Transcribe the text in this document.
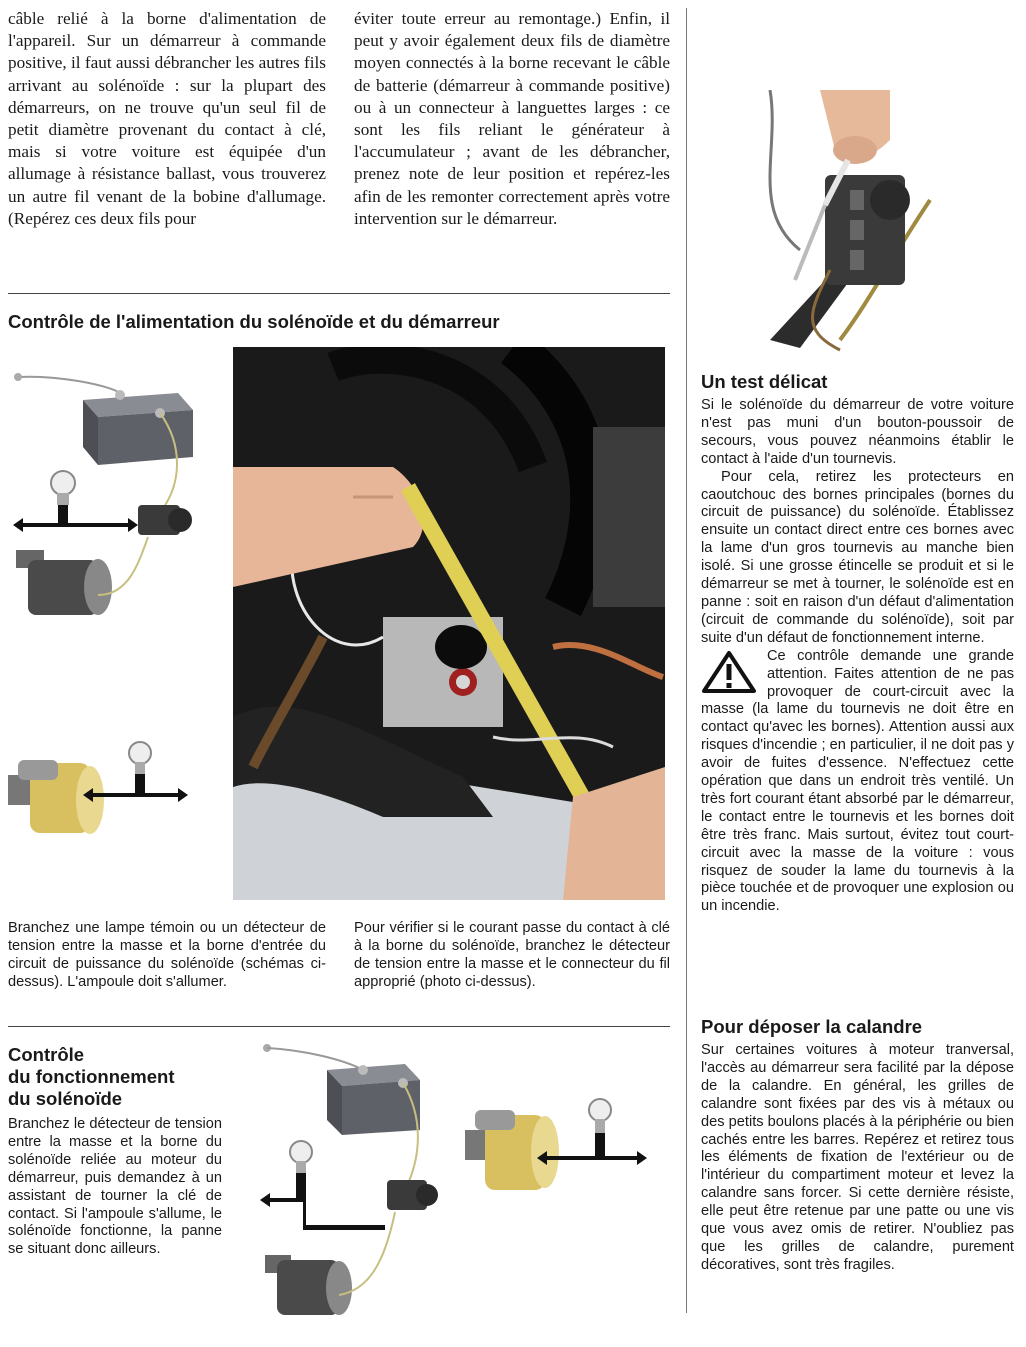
câble relié à la borne d'alimentation de l'appareil. Sur un démarreur à commande positive, il faut aussi débrancher les autres fils arrivant au solénoïde : sur la plupart des démarreurs, on ne trouve qu'un seul fil de petit diamètre provenant du contact à clé, mais si votre voiture est équipée d'un allumage à résistance ballast, vous trouverez un autre fil venant de la bobine d'allumage. (Repérez ces deux fils pour
éviter toute erreur au remontage.) Enfin, il peut y avoir également deux fils de diamètre moyen connectés à la borne recevant le câble de batterie (démarreur à commande positive) ou à un connecteur à languettes larges : ce sont les fils reliant le générateur à l'accumulateur ; avant de les débrancher, prenez note de leur position et repérez-les afin de les remonter correctement après votre intervention sur le démarreur.
Contrôle de l'alimentation du solénoïde et du démarreur
Branchez une lampe témoin ou un détecteur de tension entre la masse et la borne d'entrée du circuit de puissance du solénoïde (schémas ci-dessus). L'ampoule doit s'allumer.
Pour vérifier si le courant passe du contact à clé à la borne du solénoïde, branchez le détecteur de tension entre la masse et le connecteur du fil approprié (photo ci-dessus).
Contrôle
du fonctionnement
du solénoïde
Branchez le détecteur de tension entre la masse et la borne du solénoïde reliée au moteur du démarreur, puis demandez à un assistant de tourner la clé de contact. Si l'ampoule s'allume, le solénoïde fonctionne, la panne se situant donc ailleurs.
Un test délicat

Si le solénoïde du démarreur de votre voiture n'est pas muni d'un bouton-poussoir de secours, vous pouvez néanmoins établir le contact à l'aide d'un tournevis.

Pour cela, retirez les protecteurs en caoutchouc des bornes principales (bornes du circuit de puissance) du solénoïde. Établissez ensuite un contact direct entre ces bornes avec la lame d'un gros tournevis au manche bien isolé. Si une grosse étincelle se produit et si le démarreur se met à tourner, le solénoïde est en panne : soit en raison d'un défaut d'alimentation (circuit de commande du solénoïde), soit par suite d'un défaut de fonctionnement interne.

Ce contrôle demande une grande attention. Faites attention de ne pas provoquer de court-circuit avec la masse (la lame du tournevis ne doit être en contact qu'avec les bornes). Attention aussi aux risques d'incendie ; en particulier, il ne doit pas y avoir de fuites d'essence. N'effectuez cette opération que dans un endroit très ventilé. Un très fort courant étant absorbé par le démarreur, le contact entre le tournevis et les bornes doit être très franc. Mais surtout, évitez tout court-circuit avec la masse de la voiture : vous risquez de souder la lame du tournevis à la pièce touchée et de provoquer une explosion ou un incendie.

Pour déposer la calandre
Sur certaines voitures à moteur tranversal, l'accès au démarreur sera facilité par la dépose de la calandre. En général, les grilles de calandre sont fixées par des vis à métaux ou des petits boulons placés à la périphérie ou bien cachés entre les barres. Repérez et retirez tous les éléments de fixation de l'extérieur ou de l'intérieur du compartiment moteur et levez la calandre sans forcer. Si cette dernière résiste, elle peut être retenue par une patte ou une vis que vous avez omis de retirer. N'oubliez pas que les grilles de calandre, purement décoratives, sont très fragiles.
